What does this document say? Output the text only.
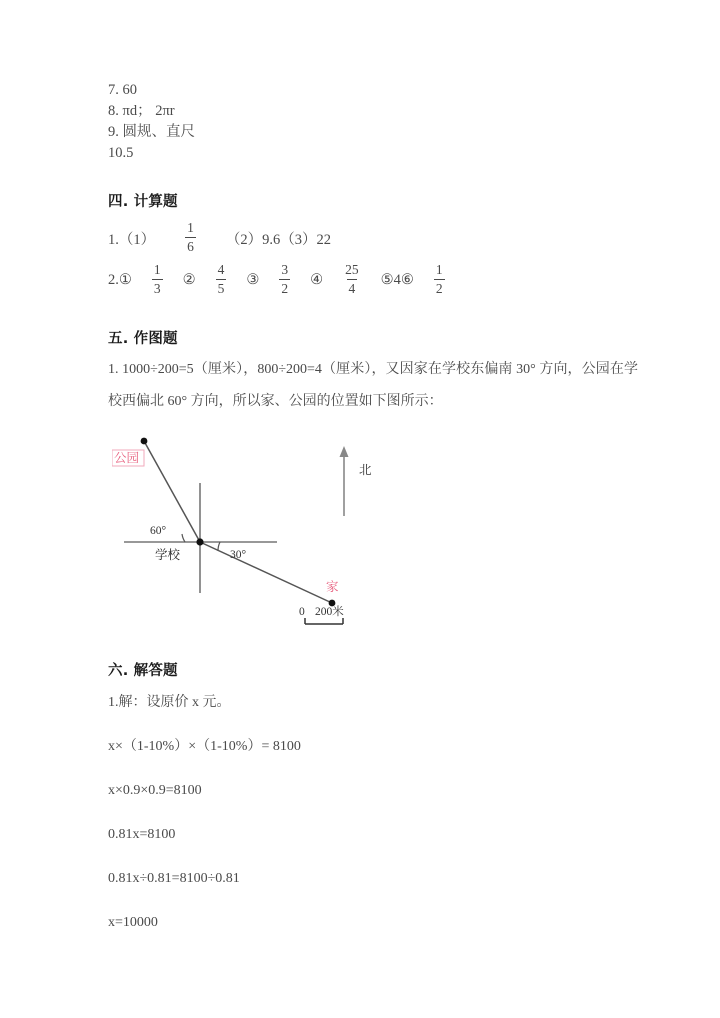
7. 60
8. πd； 2πr
9. 圆规、直尺
10.5
四. 计算题
$1.(1) \frac{1}{6} (2)9.6(3)22$
2. ① $\frac{1}{3}$ ② $\frac{4}{5}$ ③ $\frac{3}{2}$ ④ $\frac{25}{4}$ ⑤ 4 ⑥ $\frac{1}{2}$
五. 作图题
1. 1000÷200=5（厘米），800÷200=4（厘米），又因家在学校东偏南 30° 方向，公园在学校西偏北 60° 方向，所以家、公园的位置如下图所示：
公园
学校
家
北
60°
30°
0 200米
六. 解答题
1.解：设原价 x 元。
x×（1-10%）×（1-10%）= 8100
x×0.9×0.9=8100
0.81x=8100
0.81x÷0.81=8100÷0.81
x=10000
